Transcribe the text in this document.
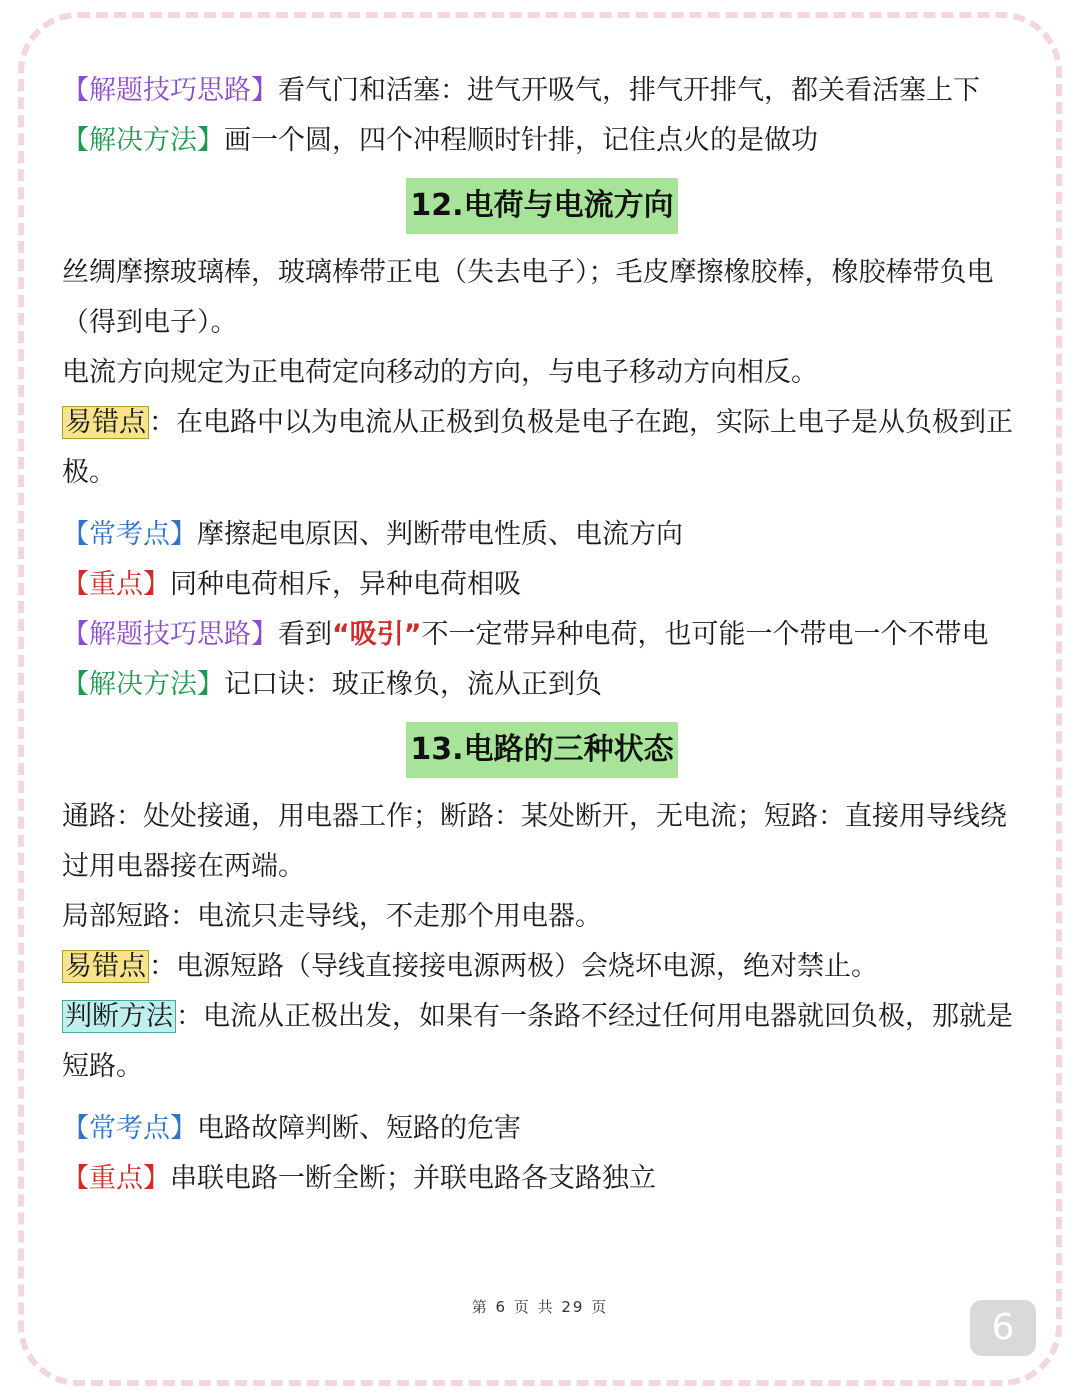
【解题技巧思路】看气门和活塞：进气开吸气，排气开排气，都关看活塞上下
【解决方法】画一个圆，四个冲程顺时针排，记住点火的是做功
12.电荷与电流方向
丝绸摩擦玻璃棒，玻璃棒带正电（失去电子）；毛皮摩擦橡胶棒，橡胶棒带负电（得到电子）。
电流方向规定为正电荷定向移动的方向，与电子移动方向相反。
易错点 ：在电路中以为电流从正极到负极是电子在跑，实际上电子是从负极到正极。
【常考点】摩擦起电原因、判断带电性质、电流方向
【重点】同种电荷相斥，异种电荷相吸
【解题技巧思路】看到“吸引”不一定带异种电荷，也可能一个带电一个不带电
【解决方法】记口诀：玻正橡负，流从正到负
13.电路的三种状态
通路：处处接通，用电器工作；断路：某处断开，无电流；短路：直接用导线绕过用电器接在两端。
局部短路：电流只走导线，不走那个用电器。
易错点 ：电源短路（导线直接接电源两极）会烧坏电源，绝对禁止。
判断方法 ：电流从正极出发，如果有一条路不经过任何用电器就回负极，那就是短路。
【常考点】电路故障判断、短路的危害
【重点】串联电路一断全断；并联电路各支路独立
第 6 页 共 29 页	6
